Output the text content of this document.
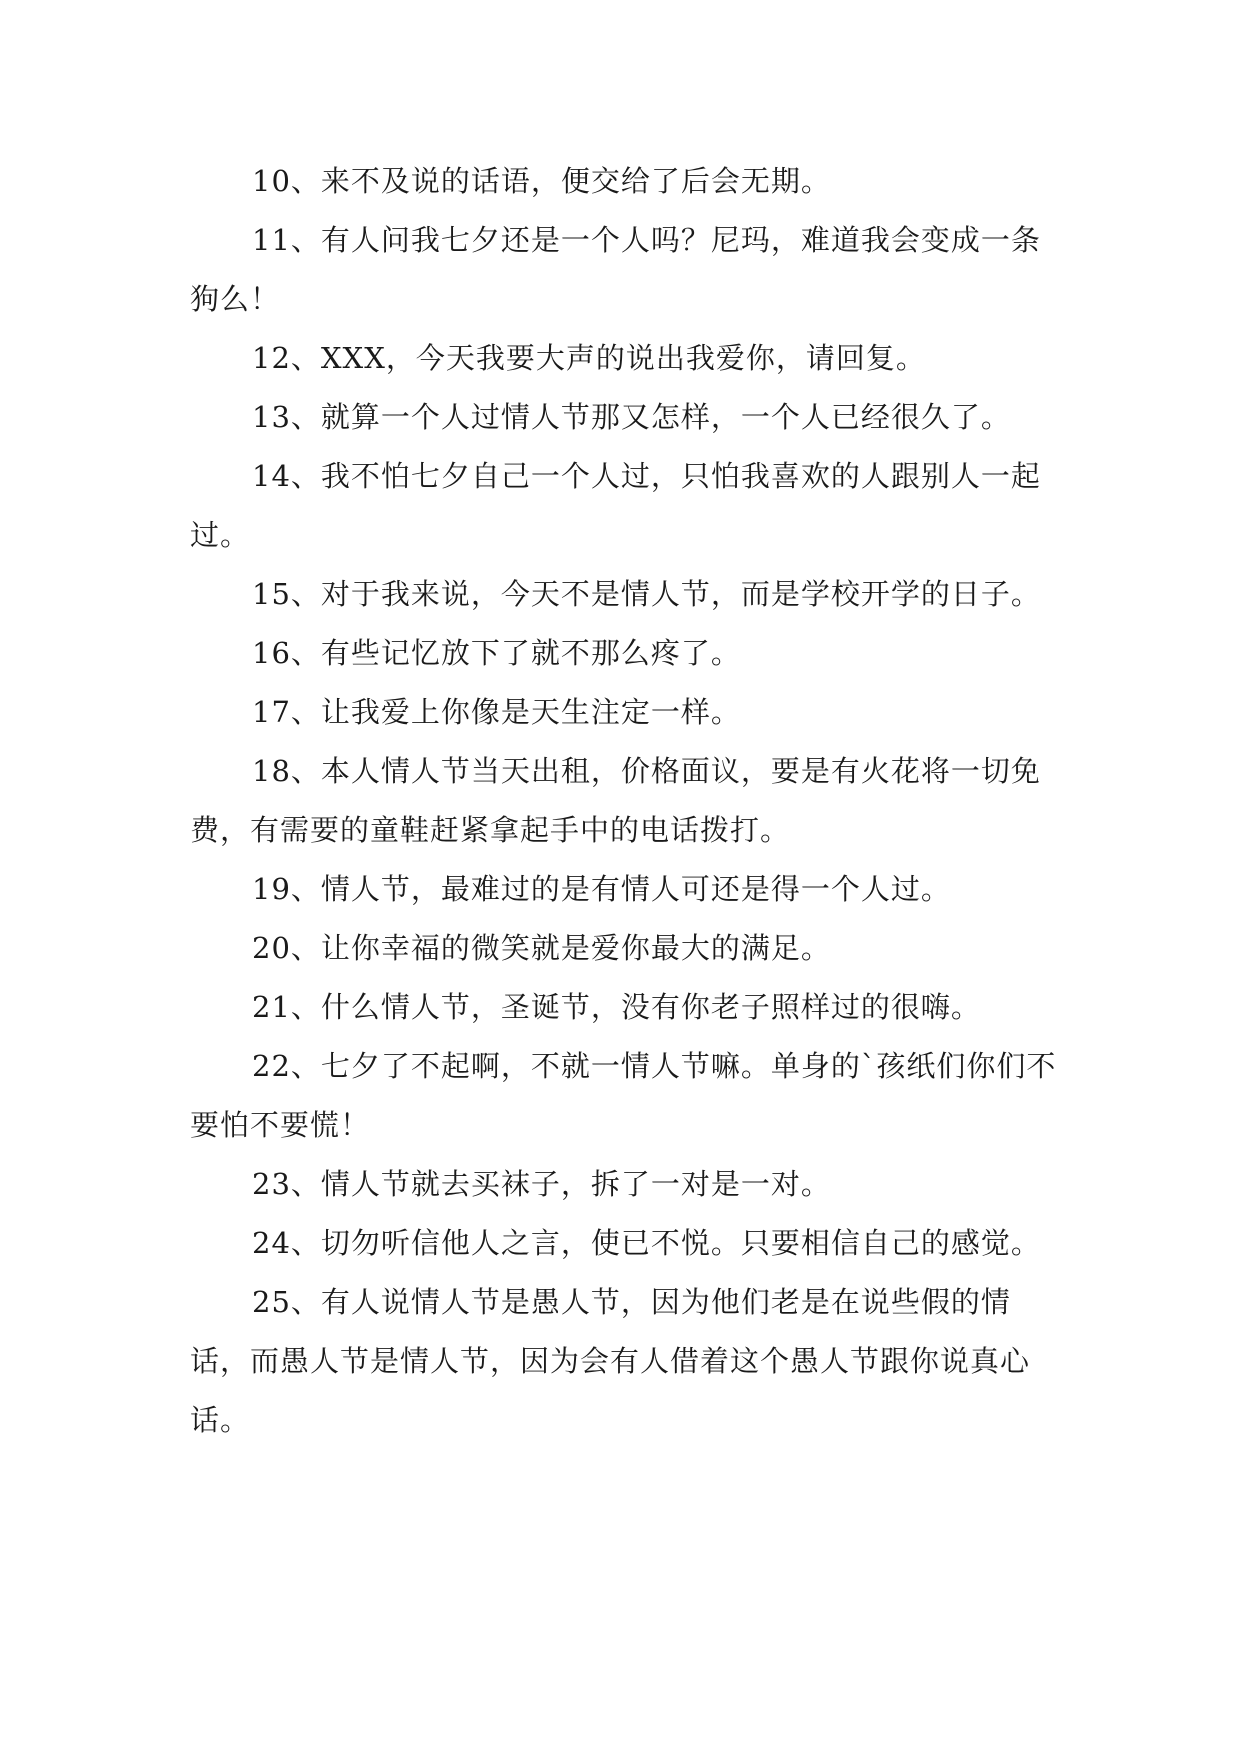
10、来不及说的话语，便交给了后会无期。

11、有人问我七夕还是一个人吗？尼玛，难道我会变成一条狗么！

12、XXX，今天我要大声的说出我爱你，请回复。

13、就算一个人过情人节那又怎样，一个人已经很久了。

14、我不怕七夕自己一个人过，只怕我喜欢的人跟别人一起过。

15、对于我来说，今天不是情人节，而是学校开学的日子。

16、有些记忆放下了就不那么疼了。

17、让我爱上你像是天生注定一样。

18、本人情人节当天出租，价格面议，要是有火花将一切免费，有需要的童鞋赶紧拿起手中的电话拨打。

19、情人节，最难过的是有情人可还是得一个人过。

20、让你幸福的微笑就是爱你最大的满足。

21、什么情人节，圣诞节，没有你老子照样过的很嗨。

22、七夕了不起啊，不就一情人节嘛。单身的`孩纸们你们不要怕不要慌！

23、情人节就去买袜子，拆了一对是一对。

24、切勿听信他人之言，使已不悦。只要相信自己的感觉。

25、有人说情人节是愚人节，因为他们老是在说些假的情话，而愚人节是情人节，因为会有人借着这个愚人节跟你说真心话。
